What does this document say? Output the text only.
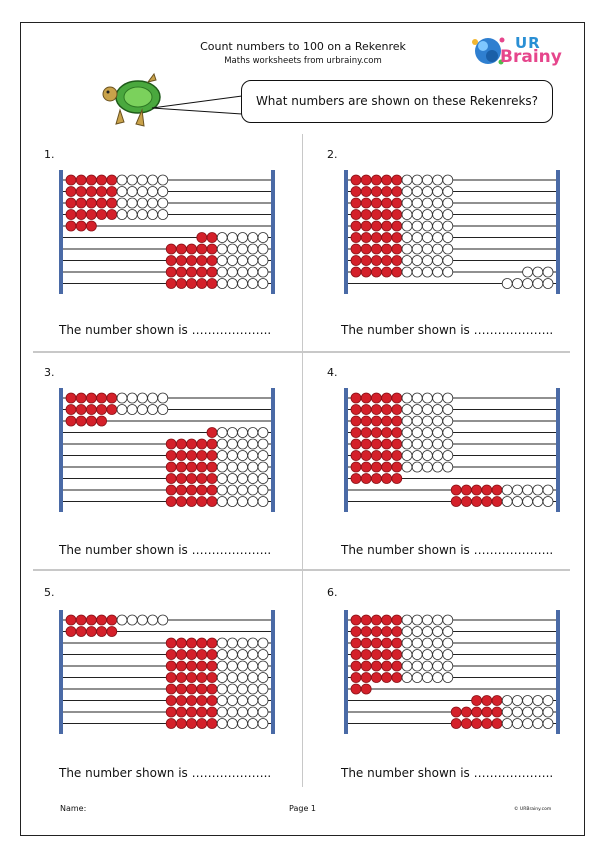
Count numbers to 100 on a Rekenrek
Maths worksheets from urbrainy.com
UR
Brainy
What numbers are shown on these Rekenreks?
1.	2.
3.	4.
5.	6.
The number shown is ………………..	The number shown is ………………..
The number shown is ………………..	The number shown is ………………..
The number shown is ………………..	The number shown is ………………..
Name:	Page 1	© URBrainy.com
